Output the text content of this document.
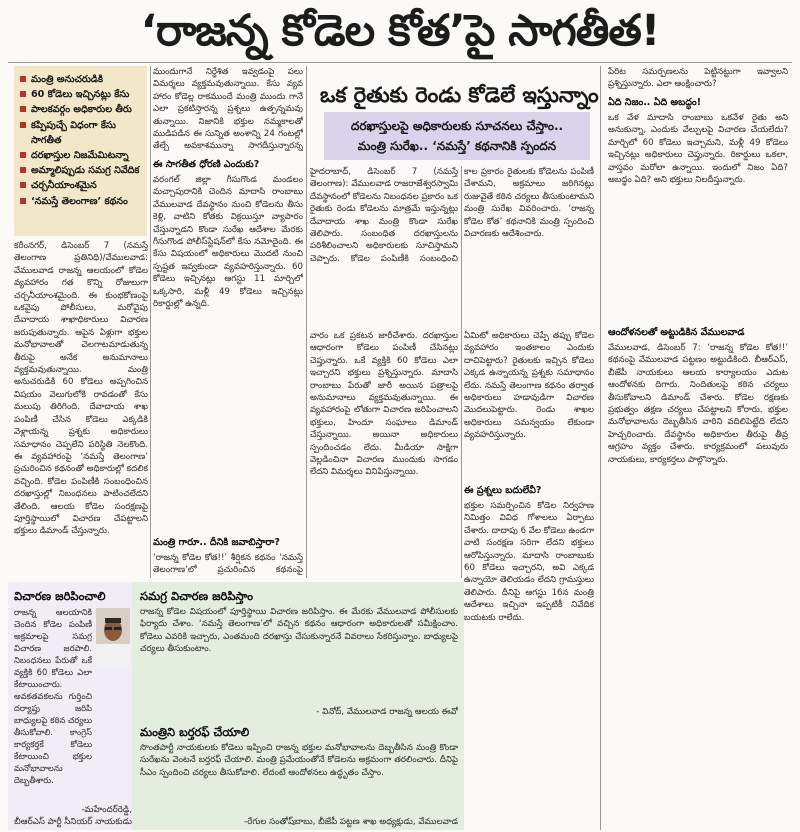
‘రాజన్న కోడెల కోత’పై సాగతీత!
మంత్రి అనుచరుడికి
60 కోడెలు ఇచ్చినట్లు కేసు
పాలకవర్గం అధికారుల తీరు
కప్పిపుచ్చే విధంగా కేసు సాగతీత
దరఖాస్తుల నిజమేమిటన్నా
అమ్మాలిప్పుడు సమగ్ర నివేదిక
చర్చనీయాంశమైన
‘నమస్తే తెలంగాణ’ కథనం

కరీంనగర్, డిసెంబర్ 7 (నమస్తే తెలంగాణ ప్రతినిధి)/వేములవాడ: వేములవాడ రాజన్న ఆలయంలో కోడెల వ్యవహారం గత కొన్ని రోజులుగా చర్చనీయాంశమైంది. ఈ కుంభకోణంపై ఒకవైపు పోలీసులు, మరోవైపు దేవాదాయ శాఖాధికారులు విచారణ జరుపుతున్నారు. ఆపైన ఏళ్లుగా భక్తుల మనోభావాలతో చెలగాటమాడుతున్న తీరుపై అనేక అనుమానాలు వ్యక్తమవుతున్నాయి. మంత్రి అనుచరుడికి 60 కోడెలు అప్పగించిన విషయం వెలుగులోకి రావడంతో కేసు మలుపు తిరిగింది. దేవాదాయ శాఖ పంపిణీ చేసిన కోడెలు ఎక్కడికి వెళ్లాయన్న ప్రశ్నకు అధికారులు సమాధానం చెప్పలేని పరిస్థితి నెలకొంది. ఈ వ్యవహారంపై ‘నమస్తే తెలంగాణ’ ప్రచురించిన కథనంతో అధికారుల్లో కదలిక వచ్చింది. కోడెల పంపిణీకి సంబంధించిన దరఖాస్తుల్లో నిబంధనలు పాటించలేదని తేలింది. ఆలయ కోడెల సంరక్షణపై పూర్తిస్థాయిలో విచారణ చేపట్టాలని భక్తులు డిమాండ్ చేస్తున్నారు.

ముందుగానే నిర్ధేశిత ఇవ్వడంపై పలు విమర్శలు వ్యక్తమవుతున్నాయి. కేసు వ్యవ హారం కోడెల్ల రాకముందే మంత్రి ముందు గానే ఎలా ప్రకటిస్తారన్న ప్రశ్నలు ఉత్పన్నమవు తున్నాయి. నిజానికి భక్తుల నమ్మకాలతో ముడిపడిన ఈ సున్నిత అంశాన్ని 24 గంటల్లో తేల్చే అవకాశమున్నా సాగదీస్తున్నారన్న
ఈ సాగతీత ధోరణి ఎందుకు?
వరంగల్ జిల్లా గీసుగొండ మండలం మచ్చాపురానికి చెందిన మాదాసి రాంబాబు వేములవాడ దేవస్థానం నుంచి కోడెలను తీసు కెళ్లి, వాటిని కోతకు విక్రయిస్తూ వ్యాపారం చేస్తున్నాడని కొండా సురేఖ ఆదేశాల మేరకు గీసుగొండ పోలీస్‌స్టేషన్‌లో కేసు నమోదైంది. ఈ కేసు విషయంలో అధికారులు మొదటి నుంచి స్పష్టత ఇవ్వకుండా వ్యవహరిస్తున్నారు. 60 కోడెలు ఇచ్చినట్లు ఆగస్టు 11 మార్చిలో ఒక్కసారి, మళ్లీ 49 కోడెలు ఇచ్చినట్లు రికార్డుల్లో ఉన్నది.
మంత్రి గారూ.. దీనికి జవాబిస్తారా?
‘రాజన్న కోడెల కోత!!’ శీర్షికన కథనం ‘నమస్తే తెలంగాణ’లో ప్రచురించిన కథనంపై
ఒక రైతుకు రెండు కోడెలే ఇస్తున్నాం
దరఖాస్తులపై అధికారులకు సూచనలు చేస్తాం..
మంత్రి సురేఖ.. ‘నమస్తే’ కథనానికి స్పందన
హైదరాబాద్, డిసెంబర్ 7 (నమస్తే తెలంగాణ): వేములవాడ రాజరాజేశ్వరస్వామి దేవస్థానంలో కోడెలను నిబంధనల ప్రకారం ఒక రైతుకు రెండు కోడెలను మాత్రమే ఇస్తున్నట్లు దేవాదాయ శాఖ మంత్రి కొండా సురేఖ తెలిపారు. సంబంధిత దరఖాస్తులను పరిశీలించాలని అధికారులకు సూచిస్తామని చెప్పారు. కోడెల పంపిణీకి సంబంధించి
కాల ప్రకారం రైతులకు కోడెలను పంపిణీ చేశామని, అక్రమాలు జరిగినట్లు రుజువైతే కఠిన చర్యలు తీసుకుంటామని మంత్రి సురేఖ వివరించారు. ‘రాజన్న కోడెల కోత’ కథనానికి మంత్రి స్పందించి విచారణకు ఆదేశించారు.
వారం ఒక ప్రకటన జారీచేశారు. దరఖాస్తుల ఆధారంగా కోడెలు పంపిణీ చేసినట్లు చెప్తున్నారు. ఒకే వ్యక్తికి 60 కోడెలు ఎలా ఇచ్చారని భక్తులు ప్రశ్నిస్తున్నారు. మాదాసి రాంబాబు పేరుతో జారీ అయిన పత్రాలపై అనుమానాలు వ్యక్తమవుతున్నాయి. ఈ వ్యవహారంపై లోతుగా విచారణ జరిపించాలని భక్తులు, హిందూ సంఘాలు డిమాండ్ చేస్తున్నాయి. అయినా అధికారులు స్పందించడం లేదు. మీడియా సాక్షిగా వెల్లడించినా విచారణ ముందుకు సాగడం లేదని విమర్శలు వినిపిస్తున్నాయి.
ఏమిటో అధికారులు చెప్పే తప్పు కోడెల వ్యవహారం ఇంతకాలం ఎందుకు దాచిపెట్టారు? రైతులకు ఇచ్చిన కోడెలు ఎక్కడ ఉన్నాయన్న ప్రశ్నకు సమాధానం లేదు. నమస్తే తెలంగాణ కథనం తర్వాత అధికారులు హడావుడిగా విచారణ మొదలుపెట్టారు. రెండు శాఖల అధికారులు సమన్వయం లేకుండా వ్యవహరిస్తున్నారు.
ఈ ప్రశ్నలు బదులేవీ?
భక్తుల సమర్పించిన కోడెల నిర్వహణ నిమిత్తం వివిధ గోశాలలు ఏర్పాటు చేశారు. దాదాపు 6 వేల కోడెలు ఉండగా వాటి సంరక్షణ సరిగా లేదని భక్తులు ఆరోపిస్తున్నారు. మాదాసి రాంబాబుకు 60 కోడెలు ఇచ్చారని, అవి ఎక్కడ ఉన్నాయో తెలియడం లేదని గ్రామస్తులు తెలిపారు. దీనిపై ఆగస్టు 16న మంత్రి ఆదేశాలు ఇచ్చినా ఇప్పటికీ నివేదిక బయటకు రాలేదు.
పేరిట సమర్పణలను పెట్టినట్టుగా ఇవ్వాలని ప్రశ్నిస్తున్నారు. ఎలా ఆంక్షించారు?
ఏది నిజం.. ఏది అబద్ధం!
ఒక వేళ మాదాసి రాంబాబు ఒకవేళ రైతు అని అనుకున్నా, ఎందుకు వేల్పులపై విచారణ చేయలేదు? మార్చిలో 60 కోడెలు ఇచ్చామని, మళ్లీ 49 కోడెలు ఇచ్చినట్లు అధికారులు చెప్తున్నారు. రికార్డులు ఒకలా, వాస్తవం మరోలా ఉన్నాయి. ఇందులో నిజం ఏది? అబద్ధం ఏది? అని భక్తులు నిలదీస్తున్నారు.
ఆందోళనలతో అట్టుడికిన వేములవాడ
వేములవాడ, డిసెంబర్ 7: ‘రాజన్న కోడెల కోత!!’ కథనంపై వేములవాడ పట్టణం అట్టుడికింది. బీఆర్‌ఎస్, బీజేపీ నాయకులు ఆలయ కార్యాలయం ఎదుట ఆందోళనకు దిగారు. నిందితులపై కఠిన చర్యలు తీసుకోవాలని డిమాండ్ చేశారు. కోడెల రక్షణకు ప్రభుత్వం తక్షణ చర్యలు చేపట్టాలని కోరారు. భక్తుల మనోభావాలను దెబ్బతీసిన వారిని వదిలిపెట్టేది లేదని హెచ్చరించారు. దేవస్థానం అధికారుల తీరుపై తీవ్ర ఆగ్రహం వ్యక్తం చేశారు. కార్యక్రమంలో పలువురు నాయకులు, కార్యకర్తలు పాల్గొన్నారు.
విచారణ జరిపించాలి
రాజన్న ఆలయానికి చెందిన కోడెల పంపిణీ అక్రమాలపై సమగ్ర విచారణ జరపాలి. నిబంధనలు పేరుతో ఒకే వ్యక్తికి 60 కోడెలు ఎలా కేటాయించారు. అవకతవకలను గుర్తించి దర్యాప్తు జరిపి బాధ్యులపై కఠిన చర్యలు తీసుకోవాలి. కాంగ్రెస్ కార్యకర్తకే కోడెలు కేటాయించి భక్తుల మనోభావాలను దెబ్బతీశారు.
-మహేందర్‌రెడ్డి,
బీఆర్‌ఎస్ పార్టీ సీనియర్ నాయకుడు
సమగ్ర విచారణ జరిపిస్తాం
రాజన్న కోడెల విషయంలో పూర్తిస్థాయి విచారణ జరిపిస్తాం. ఈ మేరకు వేములవాడ పోలీసులకు ఫిర్యాదు చేశాం. ‘నమస్తే తెలంగాణ’లో వచ్చిన కథనం ఆధారంగా అధికారులతో సమీక్షించాం. కోడెలు ఎవరికి ఇచ్చారు, ఎంతమంది దరఖాస్తు చేసుకున్నారనే వివరాలు సేకరిస్తున్నాం. బాధ్యులపై చర్యలు తీసుకుంటాం.
- వినోద్, వేములవాడ రాజన్న ఆలయ ఈవో
మంత్రిని బర్తరఫ్ చేయాలి
సొంతపార్టీ నాయకులకు కోడెలు ఇప్పించి రాజన్న భక్తుల మనోభావాలను దెబ్బతీసిన మంత్రి కొండా సురేఖను వెంటనే బర్తరఫ్ చేయాలి. మంత్రి ప్రమేయంతోనే కోడెలను అక్రమంగా తరలించారు. దీనిపై సీఎం స్పందించి చర్యలు తీసుకోవాలి. లేదంటే ఆందోళనలు ఉద్ధృతం చేస్తాం.
-రేగుల సంతోష్‌బాబు, బీజేపీ పట్టణ శాఖ అధ్యక్షుడు, వేములవాడ
